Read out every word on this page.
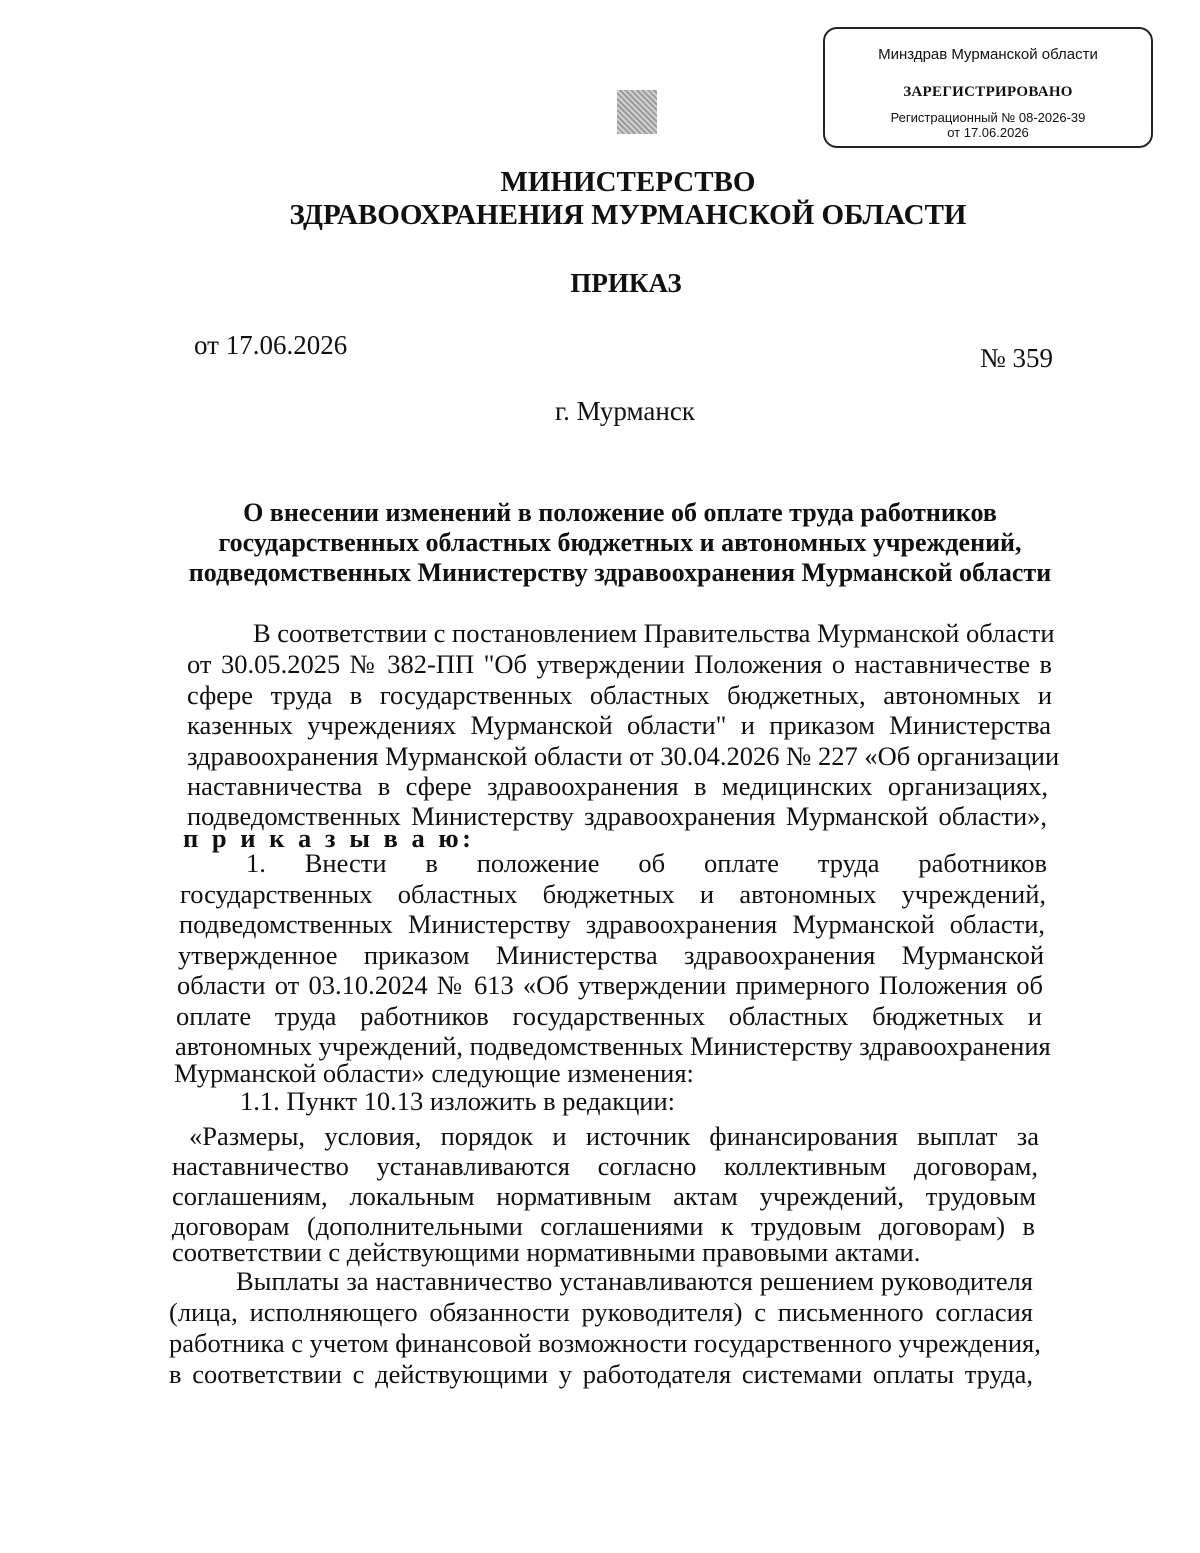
Минздрав Мурманской области
ЗАРЕГИСТРИРОВАНО
Регистрационный № 08-2026-39
от 17.06.2026
МИНИСТЕРСТВО
ЗДРАВООХРАНЕНИЯ МУРМАНСКОЙ ОБЛАСТИ
ПРИКАЗ
от 17.06.2026	№ 359
г. Мурманск
О внесении изменений в положение об оплате труда работников
государственных областных бюджетных и автономных учреждений,
подведомственных Министерству здравоохранения Мурманской области
В соответствии с постановлением Правительства Мурманской области
от 30.05.2025 № 382-ПП "Об утверждении Положения о наставничестве в
сфере труда в государственных областных бюджетных, автономных и
казенных учреждениях Мурманской области" и приказом Министерства
здравоохранения Мурманской области от 30.04.2026 № 227 «Об организации
наставничества в сфере здравоохранения в медицинских организациях,
подведомственных Министерству здравоохранения Мурманской области»,
п р и к а з ы в а ю:
1. Внести в положение об оплате труда работников
государственных областных бюджетных и автономных учреждений,
подведомственных Министерству здравоохранения Мурманской области,
утвержденное приказом Министерства здравоохранения Мурманской
области от 03.10.2024 № 613 «Об утверждении примерного Положения об
оплате труда работников государственных областных бюджетных и
автономных учреждений, подведомственных Министерству здравоохранения
Мурманской области» следующие изменения:
1.1. Пункт 10.13 изложить в редакции:
«Размеры, условия, порядок и источник финансирования выплат за
наставничество устанавливаются согласно коллективным договорам,
соглашениям, локальным нормативным актам учреждений, трудовым
договорам (дополнительными соглашениями к трудовым договорам) в
соответствии с действующими нормативными правовыми актами.
Выплаты за наставничество устанавливаются решением руководителя
(лица, исполняющего обязанности руководителя) с письменного согласия
работника с учетом финансовой возможности государственного учреждения,
в соответствии с действующими у работодателя системами оплаты труда,
